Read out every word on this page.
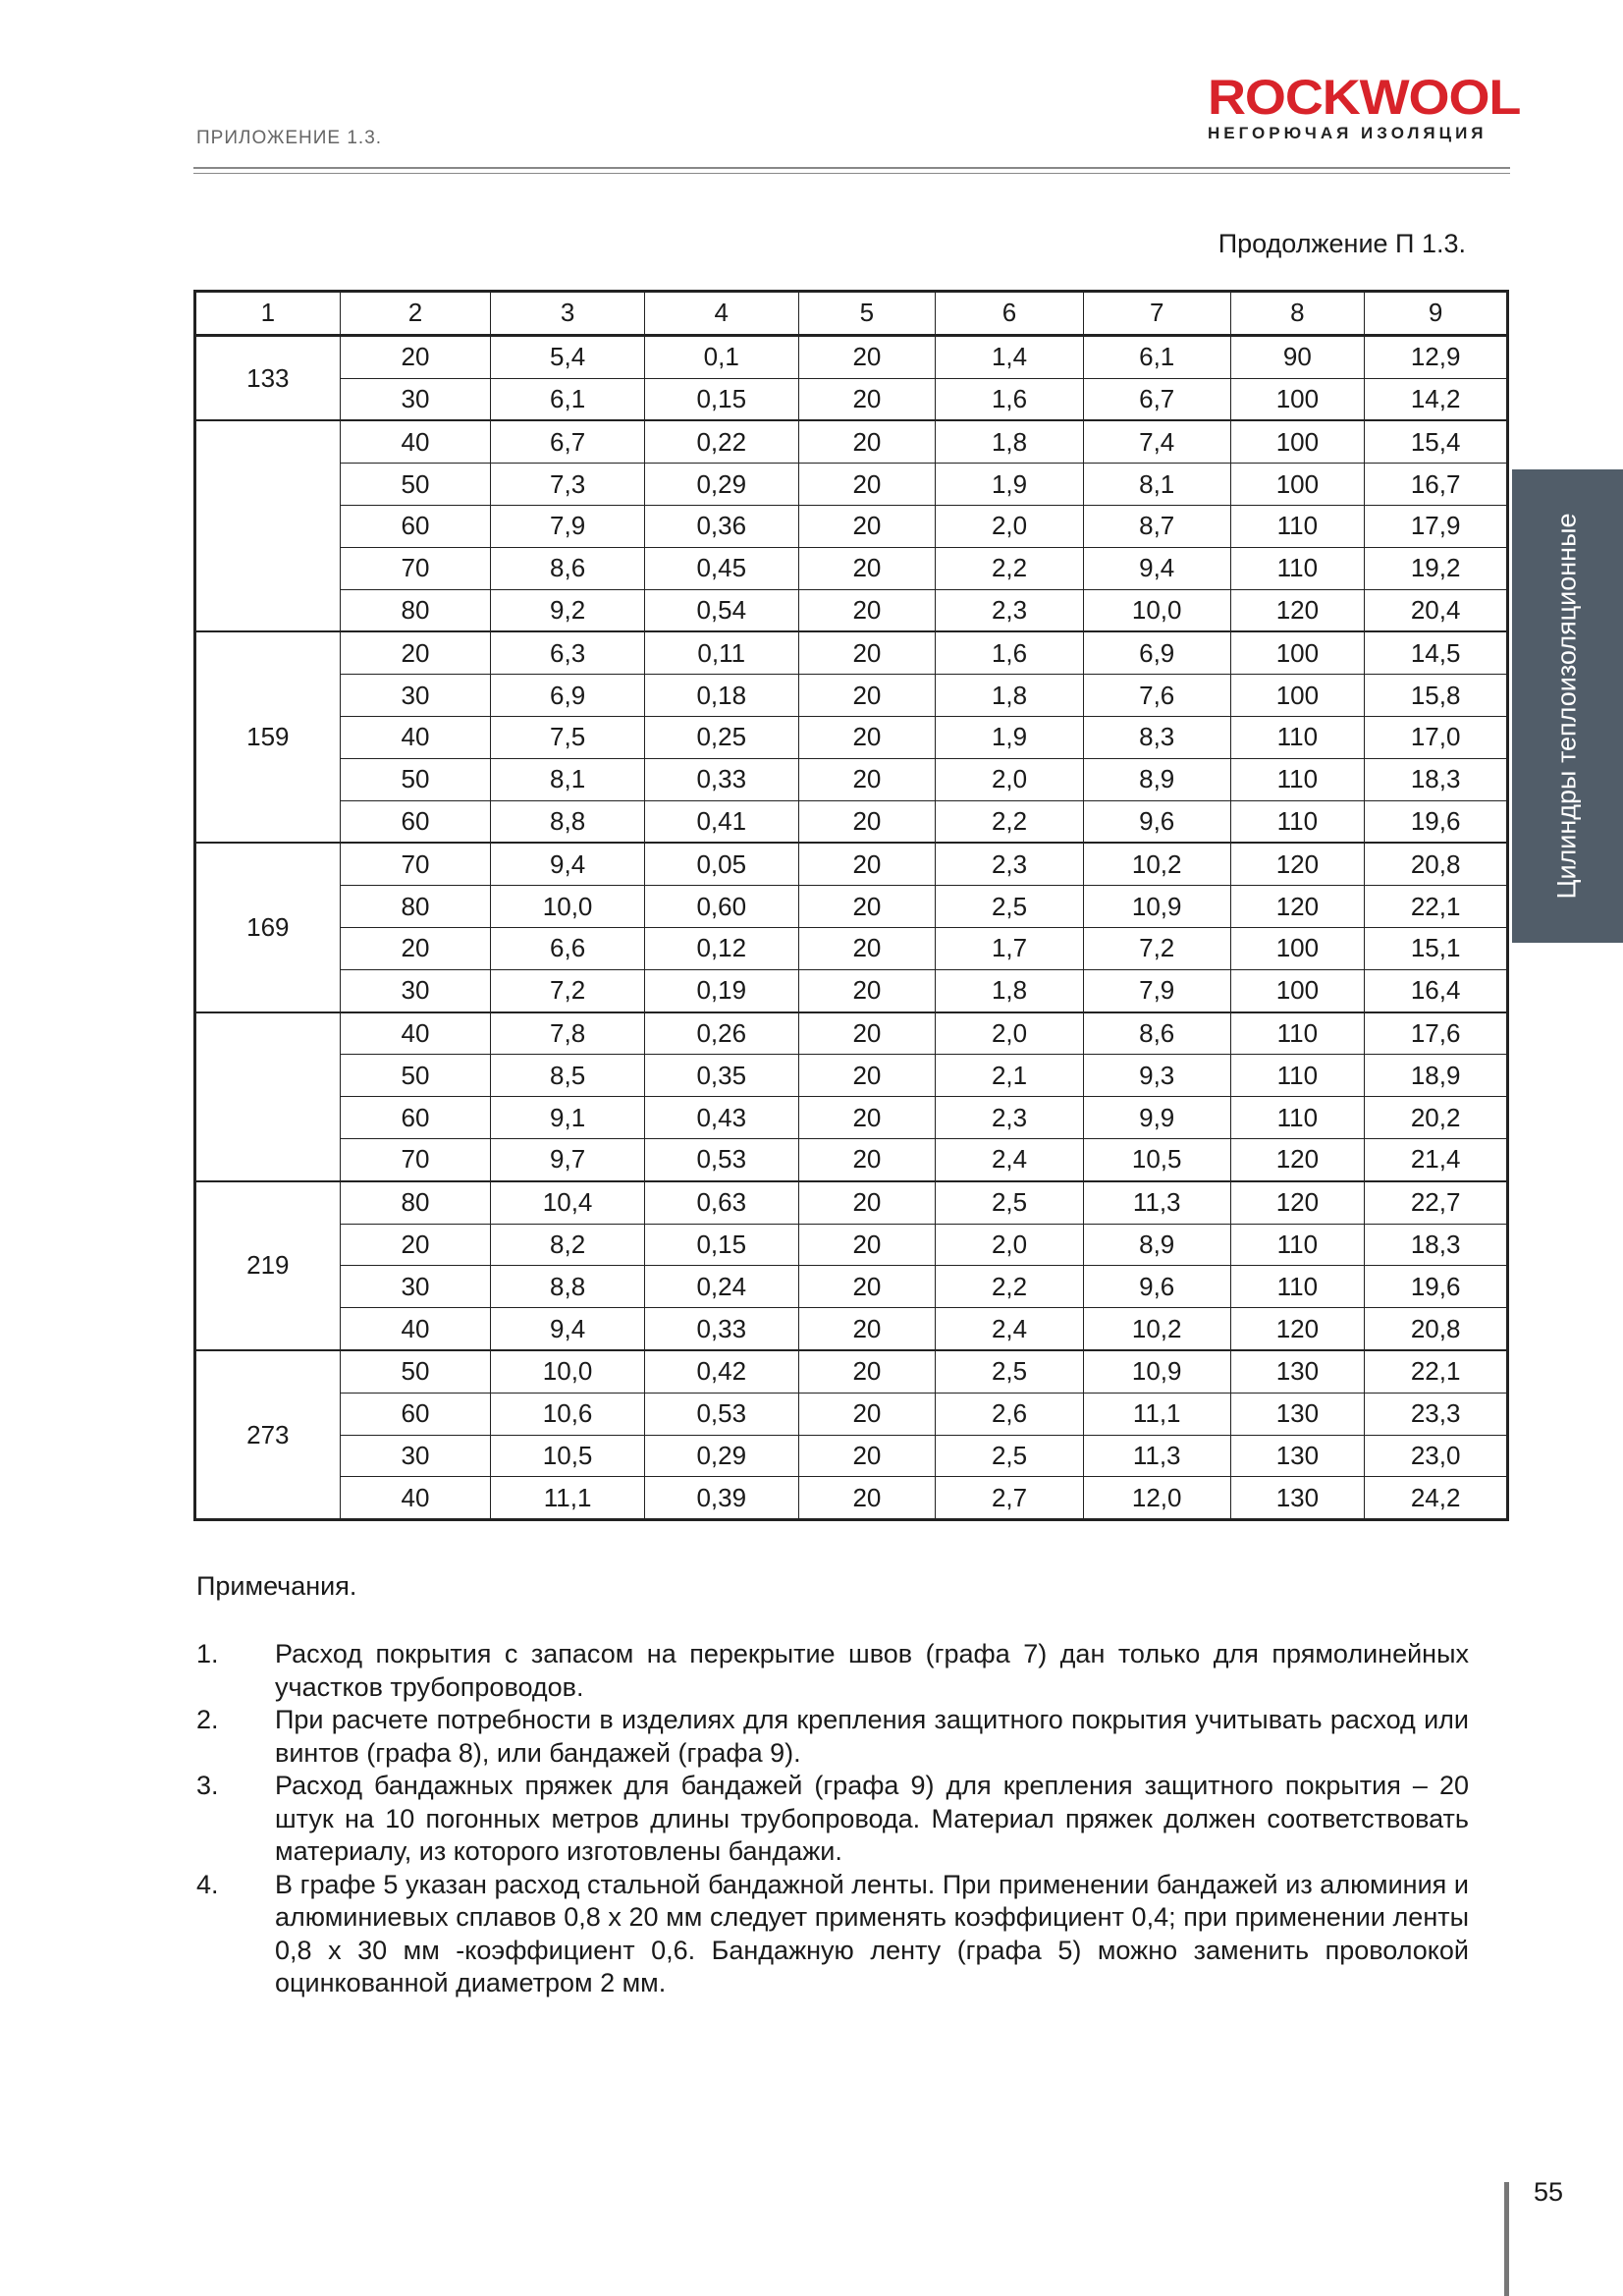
ПРИЛОЖЕНИЕ 1.3.
ROCKWOOL
НЕГОРЮЧАЯ ИЗОЛЯЦИЯ
Продолжение П 1.3.
Цилиндры теплоизоляционные
1	2	3	4	5	6	7	8	9
133	20	5,4	0,1	20	1,4	6,1	90	12,9
	30	6,1	0,15	20	1,6	6,7	100	14,2
	40	6,7	0,22	20	1,8	7,4	100	15,4
	50	7,3	0,29	20	1,9	8,1	100	16,7
	60	7,9	0,36	20	2,0	8,7	110	17,9
	70	8,6	0,45	20	2,2	9,4	110	19,2
	80	9,2	0,54	20	2,3	10,0	120	20,4
159	20	6,3	0,11	20	1,6	6,9	100	14,5
	30	6,9	0,18	20	1,8	7,6	100	15,8
	40	7,5	0,25	20	1,9	8,3	110	17,0
	50	8,1	0,33	20	2,0	8,9	110	18,3
	60	8,8	0,41	20	2,2	9,6	110	19,6
169	70	9,4	0,05	20	2,3	10,2	120	20,8
	80	10,0	0,60	20	2,5	10,9	120	22,1
	20	6,6	0,12	20	1,7	7,2	100	15,1
	30	7,2	0,19	20	1,8	7,9	100	16,4
	40	7,8	0,26	20	2,0	8,6	110	17,6
	50	8,5	0,35	20	2,1	9,3	110	18,9
	60	9,1	0,43	20	2,3	9,9	110	20,2
	70	9,7	0,53	20	2,4	10,5	120	21,4
219	80	10,4	0,63	20	2,5	11,3	120	22,7
	20	8,2	0,15	20	2,0	8,9	110	18,3
	30	8,8	0,24	20	2,2	9,6	110	19,6
	40	9,4	0,33	20	2,4	10,2	120	20,8
273	50	10,0	0,42	20	2,5	10,9	130	22,1
	60	10,6	0,53	20	2,6	11,1	130	23,3
	30	10,5	0,29	20	2,5	11,3	130	23,0
	40	11,1	0,39	20	2,7	12,0	130	24,2
Примечания.
1.	Расход покрытия с запасом на перекрытие швов (графа 7) дан только для прямолинейных участков трубопроводов.
2.	При расчете потребности в изделиях для крепления защитного покрытия учитывать расход или винтов (графа 8), или бандажей (графа 9).
3.	Расход бандажных пряжек для бандажей (графа 9) для крепления защитного покрытия – 20 штук на 10 погонных метров длины трубопровода. Материал пряжек должен соответствовать материалу, из которого изготовлены бандажи.
4.	В графе 5 указан расход стальной бандажной ленты. При применении бандажей из алюминия и алюминиевых сплавов 0,8 х 20 мм следует применять коэффициент 0,4; при применении ленты 0,8 х 30 мм -коэффициент 0,6. Бандажную ленту (графа 5) можно заменить проволокой оцинкованной диаметром 2 мм.
55
